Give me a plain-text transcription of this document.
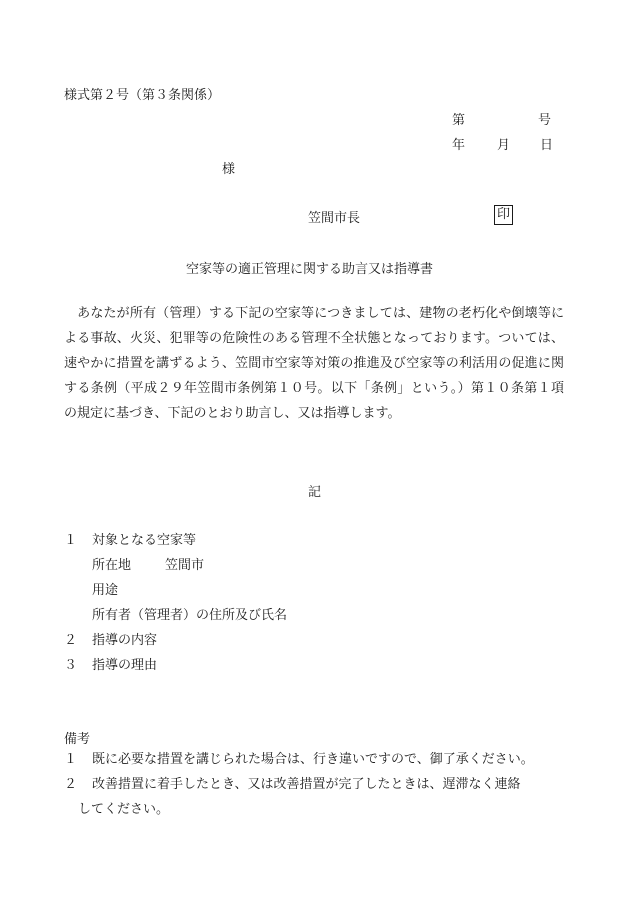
様式第２号（第３条関係）
第	号
年 月 日
様
笠間市長	印
空家等の適正管理に関する助言又は指導書

　あなたが所有（管理）する下記の空家等につきましては、建物の老朽化や倒壊等による事故、火災、犯罪等の危険性のある管理不全状態となっております。ついては、速やかに措置を講ずるよう、笠間市空家等対策の推進及び空家等の利活用の促進に関する条例（平成２９年笠間市条例第１０号。以下「条例」という。）第１０条第１項の規定に基づき、下記のとおり助言し、又は指導します。

記
１ 対象となる空家等
所在地	笠間市
用途
所有者（管理者）の住所及び氏名
２ 指導の内容
３ 指導の理由
備考
１	既に必要な措置を講じられた場合は、行き違いですので、御了承ください。
２	改善措置に着手したとき、又は改善措置が完了したときは、遅滞なく連絡
してください。
